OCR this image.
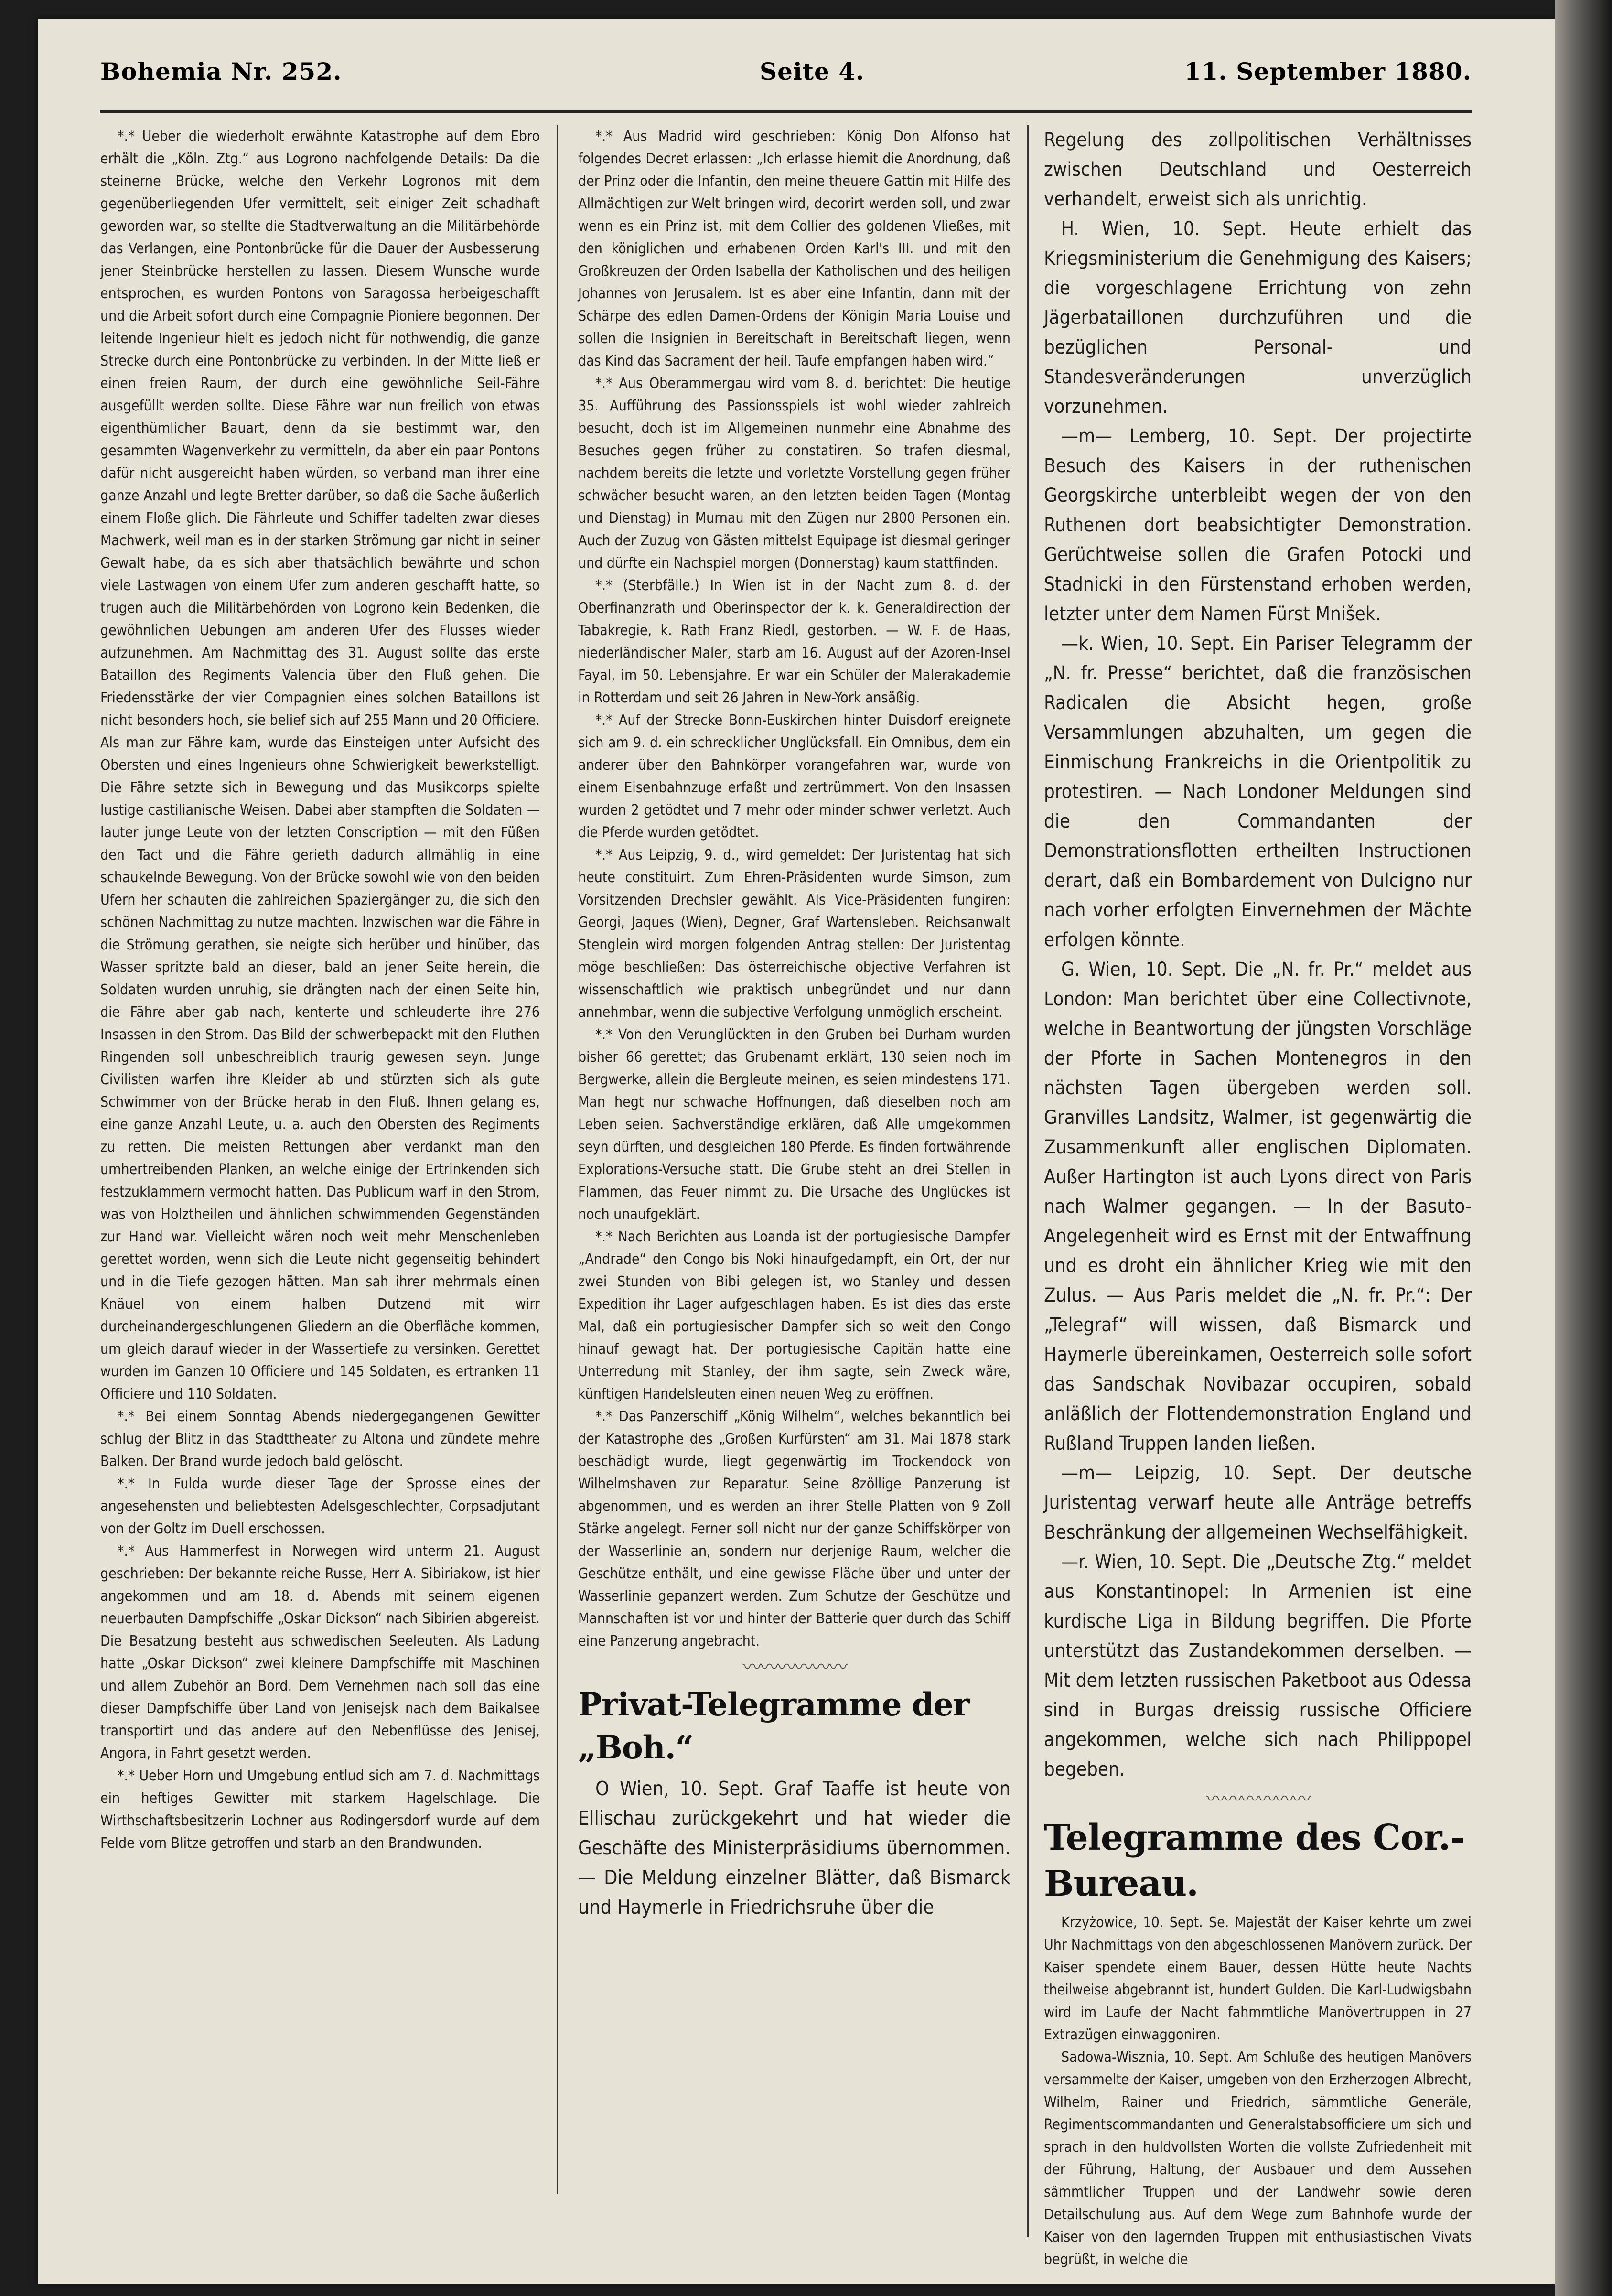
Bohemia Nr. 252.	Seite 4.	11. September 1880.

*.* Ueber die wiederholt erwähnte Katastrophe auf dem Ebro erhält die „Köln. Ztg.“ aus Logrono nachfolgende Details: Da die steinerne Brücke, welche den Verkehr Logronos mit dem gegenüberliegenden Ufer vermittelt, seit einiger Zeit schadhaft geworden war, so stellte die Stadtverwaltung an die Militärbehörde das Verlangen, eine Pontonbrücke für die Dauer der Ausbesserung jener Steinbrücke herstellen zu lassen. Diesem Wunsche wurde entsprochen, es wurden Pontons von Saragossa herbeigeschafft und die Arbeit sofort durch eine Compagnie Pioniere begonnen. Der leitende Ingenieur hielt es jedoch nicht für nothwendig, die ganze Strecke durch eine Pontonbrücke zu verbinden. In der Mitte ließ er einen freien Raum, der durch eine gewöhnliche Seil-Fähre ausgefüllt werden sollte. Diese Fähre war nun freilich von etwas eigenthümlicher Bauart, denn da sie bestimmt war, den gesammten Wagenverkehr zu vermitteln, da aber ein paar Pontons dafür nicht ausgereicht haben würden, so verband man ihrer eine ganze Anzahl und legte Bretter darüber, so daß die Sache äußerlich einem Floße glich. Die Fährleute und Schiffer tadelten zwar dieses Machwerk, weil man es in der starken Strömung gar nicht in seiner Gewalt habe, da es sich aber thatsächlich bewährte und schon viele Lastwagen von einem Ufer zum anderen geschafft hatte, so trugen auch die Militärbehörden von Logrono kein Bedenken, die gewöhnlichen Uebungen am anderen Ufer des Flusses wieder aufzunehmen. Am Nachmittag des 31. August sollte das erste Bataillon des Regiments Valencia über den Fluß gehen. Die Friedensstärke der vier Compagnien eines solchen Bataillons ist nicht besonders hoch, sie belief sich auf 255 Mann und 20 Officiere. Als man zur Fähre kam, wurde das Einsteigen unter Aufsicht des Obersten und eines Ingenieurs ohne Schwierigkeit bewerkstelligt. Die Fähre setzte sich in Bewegung und das Musikcorps spielte lustige castilianische Weisen. Dabei aber stampften die Soldaten — lauter junge Leute von der letzten Conscription — mit den Füßen den Tact und die Fähre gerieth dadurch allmählig in eine schaukelnde Bewegung. Von der Brücke sowohl wie von den beiden Ufern her schauten die zahlreichen Spaziergänger zu, die sich den schönen Nachmittag zu nutze machten. Inzwischen war die Fähre in die Strömung gerathen, sie neigte sich herüber und hinüber, das Wasser spritzte bald an dieser, bald an jener Seite herein, die Soldaten wurden unruhig, sie drängten nach der einen Seite hin, die Fähre aber gab nach, kenterte und schleuderte ihre 276 Insassen in den Strom. Das Bild der schwerbepackt mit den Fluthen Ringenden soll unbeschreiblich traurig gewesen seyn. Junge Civilisten warfen ihre Kleider ab und stürzten sich als gute Schwimmer von der Brücke herab in den Fluß. Ihnen gelang es, eine ganze Anzahl Leute, u. a. auch den Obersten des Regiments zu retten. Die meisten Rettungen aber verdankt man den umhertreibenden Planken, an welche einige der Ertrinkenden sich festzuklammern vermocht hatten. Das Publicum warf in den Strom, was von Holztheilen und ähnlichen schwimmenden Gegenständen zur Hand war. Vielleicht wären noch weit mehr Menschenleben gerettet worden, wenn sich die Leute nicht gegenseitig behindert und in die Tiefe gezogen hätten. Man sah ihrer mehrmals einen Knäuel von einem halben Dutzend mit wirr durcheinandergeschlungenen Gliedern an die Oberfläche kommen, um gleich darauf wieder in der Wassertiefe zu versinken. Gerettet wurden im Ganzen 10 Officiere und 145 Soldaten, es ertranken 11 Officiere und 110 Soldaten.

*.* Bei einem Sonntag Abends niedergegangenen Gewitter schlug der Blitz in das Stadttheater zu Altona und zündete mehre Balken. Der Brand wurde jedoch bald gelöscht.

*.* In Fulda wurde dieser Tage der Sprosse eines der angesehensten und beliebtesten Adelsgeschlechter, Corpsadjutant von der Goltz im Duell erschossen.

*.* Aus Hammerfest in Norwegen wird unterm 21. August geschrieben: Der bekannte reiche Russe, Herr A. Sibiriakow, ist hier angekommen und am 18. d. Abends mit seinem eigenen neuerbauten Dampfschiffe „Oskar Dickson“ nach Sibirien abgereist. Die Besatzung besteht aus schwedischen Seeleuten. Als Ladung hatte „Oskar Dickson“ zwei kleinere Dampfschiffe mit Maschinen und allem Zubehör an Bord. Dem Vernehmen nach soll das eine dieser Dampfschiffe über Land von Jenisejsk nach dem Baikalsee transportirt und das andere auf den Nebenflüsse des Jenisej, Angora, in Fahrt gesetzt werden.

*.* Ueber Horn und Umgebung entlud sich am 7. d. Nachmittags ein heftiges Gewitter mit starkem Hagelschlage. Die Wirthschaftsbesitzerin Lochner aus Rodingersdorf wurde auf dem Felde vom Blitze getroffen und starb an den Brandwunden.

*.* Aus Madrid wird geschrieben: König Don Alfonso hat folgendes Decret erlassen: „Ich erlasse hiemit die Anordnung, daß der Prinz oder die Infantin, den meine theuere Gattin mit Hilfe des Allmächtigen zur Welt bringen wird, decorirt werden soll, und zwar wenn es ein Prinz ist, mit dem Collier des goldenen Vließes, mit den königlichen und erhabenen Orden Karl's III. und mit den Großkreuzen der Orden Isabella der Katholischen und des heiligen Johannes von Jerusalem. Ist es aber eine Infantin, dann mit der Schärpe des edlen Damen-Ordens der Königin Maria Louise und sollen die Insignien in Bereitschaft in Bereitschaft liegen, wenn das Kind das Sacrament der heil. Taufe empfangen haben wird.“

*.* Aus Oberammergau wird vom 8. d. berichtet: Die heutige 35. Aufführung des Passionsspiels ist wohl wieder zahlreich besucht, doch ist im Allgemeinen nunmehr eine Abnahme des Besuches gegen früher zu constatiren. So trafen diesmal, nachdem bereits die letzte und vorletzte Vorstellung gegen früher schwächer besucht waren, an den letzten beiden Tagen (Montag und Dienstag) in Murnau mit den Zügen nur 2800 Personen ein. Auch der Zuzug von Gästen mittelst Equipage ist diesmal geringer und dürfte ein Nachspiel morgen (Donnerstag) kaum stattfinden.

*.* (Sterbfälle.) In Wien ist in der Nacht zum 8. d. der Oberfinanzrath und Oberinspector der k. k. Generaldirection der Tabakregie, k. Rath Franz Riedl, gestorben. — W. F. de Haas, niederländischer Maler, starb am 16. August auf der Azoren-Insel Fayal, im 50. Lebensjahre. Er war ein Schüler der Malerakademie in Rotterdam und seit 26 Jahren in New-York ansäßig.

*.* Auf der Strecke Bonn-Euskirchen hinter Duisdorf ereignete sich am 9. d. ein schrecklicher Unglücksfall. Ein Omnibus, dem ein anderer über den Bahnkörper vorangefahren war, wurde von einem Eisenbahnzuge erfaßt und zertrümmert. Von den Insassen wurden 2 getödtet und 7 mehr oder minder schwer verletzt. Auch die Pferde wurden getödtet.

*.* Aus Leipzig, 9. d., wird gemeldet: Der Juristentag hat sich heute constituirt. Zum Ehren-Präsidenten wurde Simson, zum Vorsitzenden Drechsler gewählt. Als Vice-Präsidenten fungiren: Georgi, Jaques (Wien), Degner, Graf Wartensleben. Reichsanwalt Stenglein wird morgen folgenden Antrag stellen: Der Juristentag möge beschließen: Das österreichische objective Verfahren ist wissenschaftlich wie praktisch unbegründet und nur dann annehmbar, wenn die subjective Verfolgung unmöglich erscheint.

*.* Von den Verunglückten in den Gruben bei Durham wurden bisher 66 gerettet; das Grubenamt erklärt, 130 seien noch im Bergwerke, allein die Bergleute meinen, es seien mindestens 171. Man hegt nur schwache Hoffnungen, daß dieselben noch am Leben seien. Sachverständige erklären, daß Alle umgekommen seyn dürften, und desgleichen 180 Pferde. Es finden fortwährende Explorations-Versuche statt. Die Grube steht an drei Stellen in Flammen, das Feuer nimmt zu. Die Ursache des Unglückes ist noch unaufgeklärt.

*.* Nach Berichten aus Loanda ist der portugiesische Dampfer „Andrade“ den Congo bis Noki hinaufgedampft, ein Ort, der nur zwei Stunden von Bibi gelegen ist, wo Stanley und dessen Expedition ihr Lager aufgeschlagen haben. Es ist dies das erste Mal, daß ein portugiesischer Dampfer sich so weit den Congo hinauf gewagt hat. Der portugiesische Capitän hatte eine Unterredung mit Stanley, der ihm sagte, sein Zweck wäre, künftigen Handelsleuten einen neuen Weg zu eröffnen.

*.* Das Panzerschiff „König Wilhelm“, welches bekanntlich bei der Katastrophe des „Großen Kurfürsten“ am 31. Mai 1878 stark beschädigt wurde, liegt gegenwärtig im Trockendock von Wilhelmshaven zur Reparatur. Seine 8zöllige Panzerung ist abgenommen, und es werden an ihrer Stelle Platten von 9 Zoll Stärke angelegt. Ferner soll nicht nur der ganze Schiffskörper von der Wasserlinie an, sondern nur derjenige Raum, welcher die Geschütze enthält, und eine gewisse Fläche über und unter der Wasserlinie gepanzert werden. Zum Schutze der Geschütze und Mannschaften ist vor und hinter der Batterie quer durch das Schiff eine Panzerung angebracht.

〰〰〰〰〰〰
Privat-Telegramme der „Boh.“

O Wien, 10. Sept. Graf Taaffe ist heute von Ellischau zurückgekehrt und hat wieder die Geschäfte des Ministerpräsidiums übernommen. — Die Meldung einzelner Blätter, daß Bismarck und Haymerle in Friedrichsruhe über die

Regelung des zollpolitischen Verhältnisses zwischen Deutschland und Oesterreich verhandelt, erweist sich als unrichtig.

H. Wien, 10. Sept. Heute erhielt das Kriegsministerium die Genehmigung des Kaisers; die vorgeschlagene Errichtung von zehn Jägerbataillonen durchzuführen und die bezüglichen Personal- und Standesveränderungen unverzüglich vorzunehmen.

—m— Lemberg, 10. Sept. Der projectirte Besuch des Kaisers in der ruthenischen Georgskirche unterbleibt wegen der von den Ruthenen dort beabsichtigter Demonstration. Gerüchtweise sollen die Grafen Potocki und Stadnicki in den Fürstenstand erhoben werden, letzter unter dem Namen Fürst Mnišek.

—k. Wien, 10. Sept. Ein Pariser Telegramm der „N. fr. Presse“ berichtet, daß die französischen Radicalen die Absicht hegen, große Versammlungen abzuhalten, um gegen die Einmischung Frankreichs in die Orientpolitik zu protestiren. — Nach Londoner Meldungen sind die den Commandanten der Demonstrationsflotten ertheilten Instructionen derart, daß ein Bombardement von Dulcigno nur nach vorher erfolgten Einvernehmen der Mächte erfolgen könnte.

G. Wien, 10. Sept. Die „N. fr. Pr.“ meldet aus London: Man berichtet über eine Collectivnote, welche in Beantwortung der jüngsten Vorschläge der Pforte in Sachen Montenegros in den nächsten Tagen übergeben werden soll. Granvilles Landsitz, Walmer, ist gegenwärtig die Zusammenkunft aller englischen Diplomaten. Außer Hartington ist auch Lyons direct von Paris nach Walmer gegangen. — In der Basuto-Angelegenheit wird es Ernst mit der Entwaffnung und es droht ein ähnlicher Krieg wie mit den Zulus. — Aus Paris meldet die „N. fr. Pr.“: Der „Telegraf“ will wissen, daß Bismarck und Haymerle übereinkamen, Oesterreich solle sofort das Sandschak Novibazar occupiren, sobald anläßlich der Flottendemonstration England und Rußland Truppen landen ließen.

—m— Leipzig, 10. Sept. Der deutsche Juristentag verwarf heute alle Anträge betreffs Beschränkung der allgemeinen Wechselfähigkeit.

—r. Wien, 10. Sept. Die „Deutsche Ztg.“ meldet aus Konstantinopel: In Armenien ist eine kurdische Liga in Bildung begriffen. Die Pforte unterstützt das Zustandekommen derselben. — Mit dem letzten russischen Paketboot aus Odessa sind in Burgas dreissig russische Officiere angekommen, welche sich nach Philippopel begeben.

〰〰〰〰〰〰
Telegramme des Cor.-Bureau.

Krzyżowice, 10. Sept. Se. Majestät der Kaiser kehrte um zwei Uhr Nachmittags von den abgeschlossenen Manövern zurück. Der Kaiser spendete einem Bauer, dessen Hütte heute Nachts theilweise abgebrannt ist, hundert Gulden. Die Karl-Ludwigsbahn wird im Laufe der Nacht fahmmtliche Manövertruppen in 27 Extrazügen einwaggoniren.

Sadowa-Wisznia, 10. Sept. Am Schluße des heutigen Manövers versammelte der Kaiser, umgeben von den Erzherzogen Albrecht, Wilhelm, Rainer und Friedrich, sämmtliche Generäle, Regimentscommandanten und Generalstabsofficiere um sich und sprach in den huldvollsten Worten die vollste Zufriedenheit mit der Führung, Haltung, der Ausbauer und dem Aussehen sämmtlicher Truppen und der Landwehr sowie deren Detailschulung aus. Auf dem Wege zum Bahnhofe wurde der Kaiser von den lagernden Truppen mit enthusiastischen Vivats begrüßt, in welche die
